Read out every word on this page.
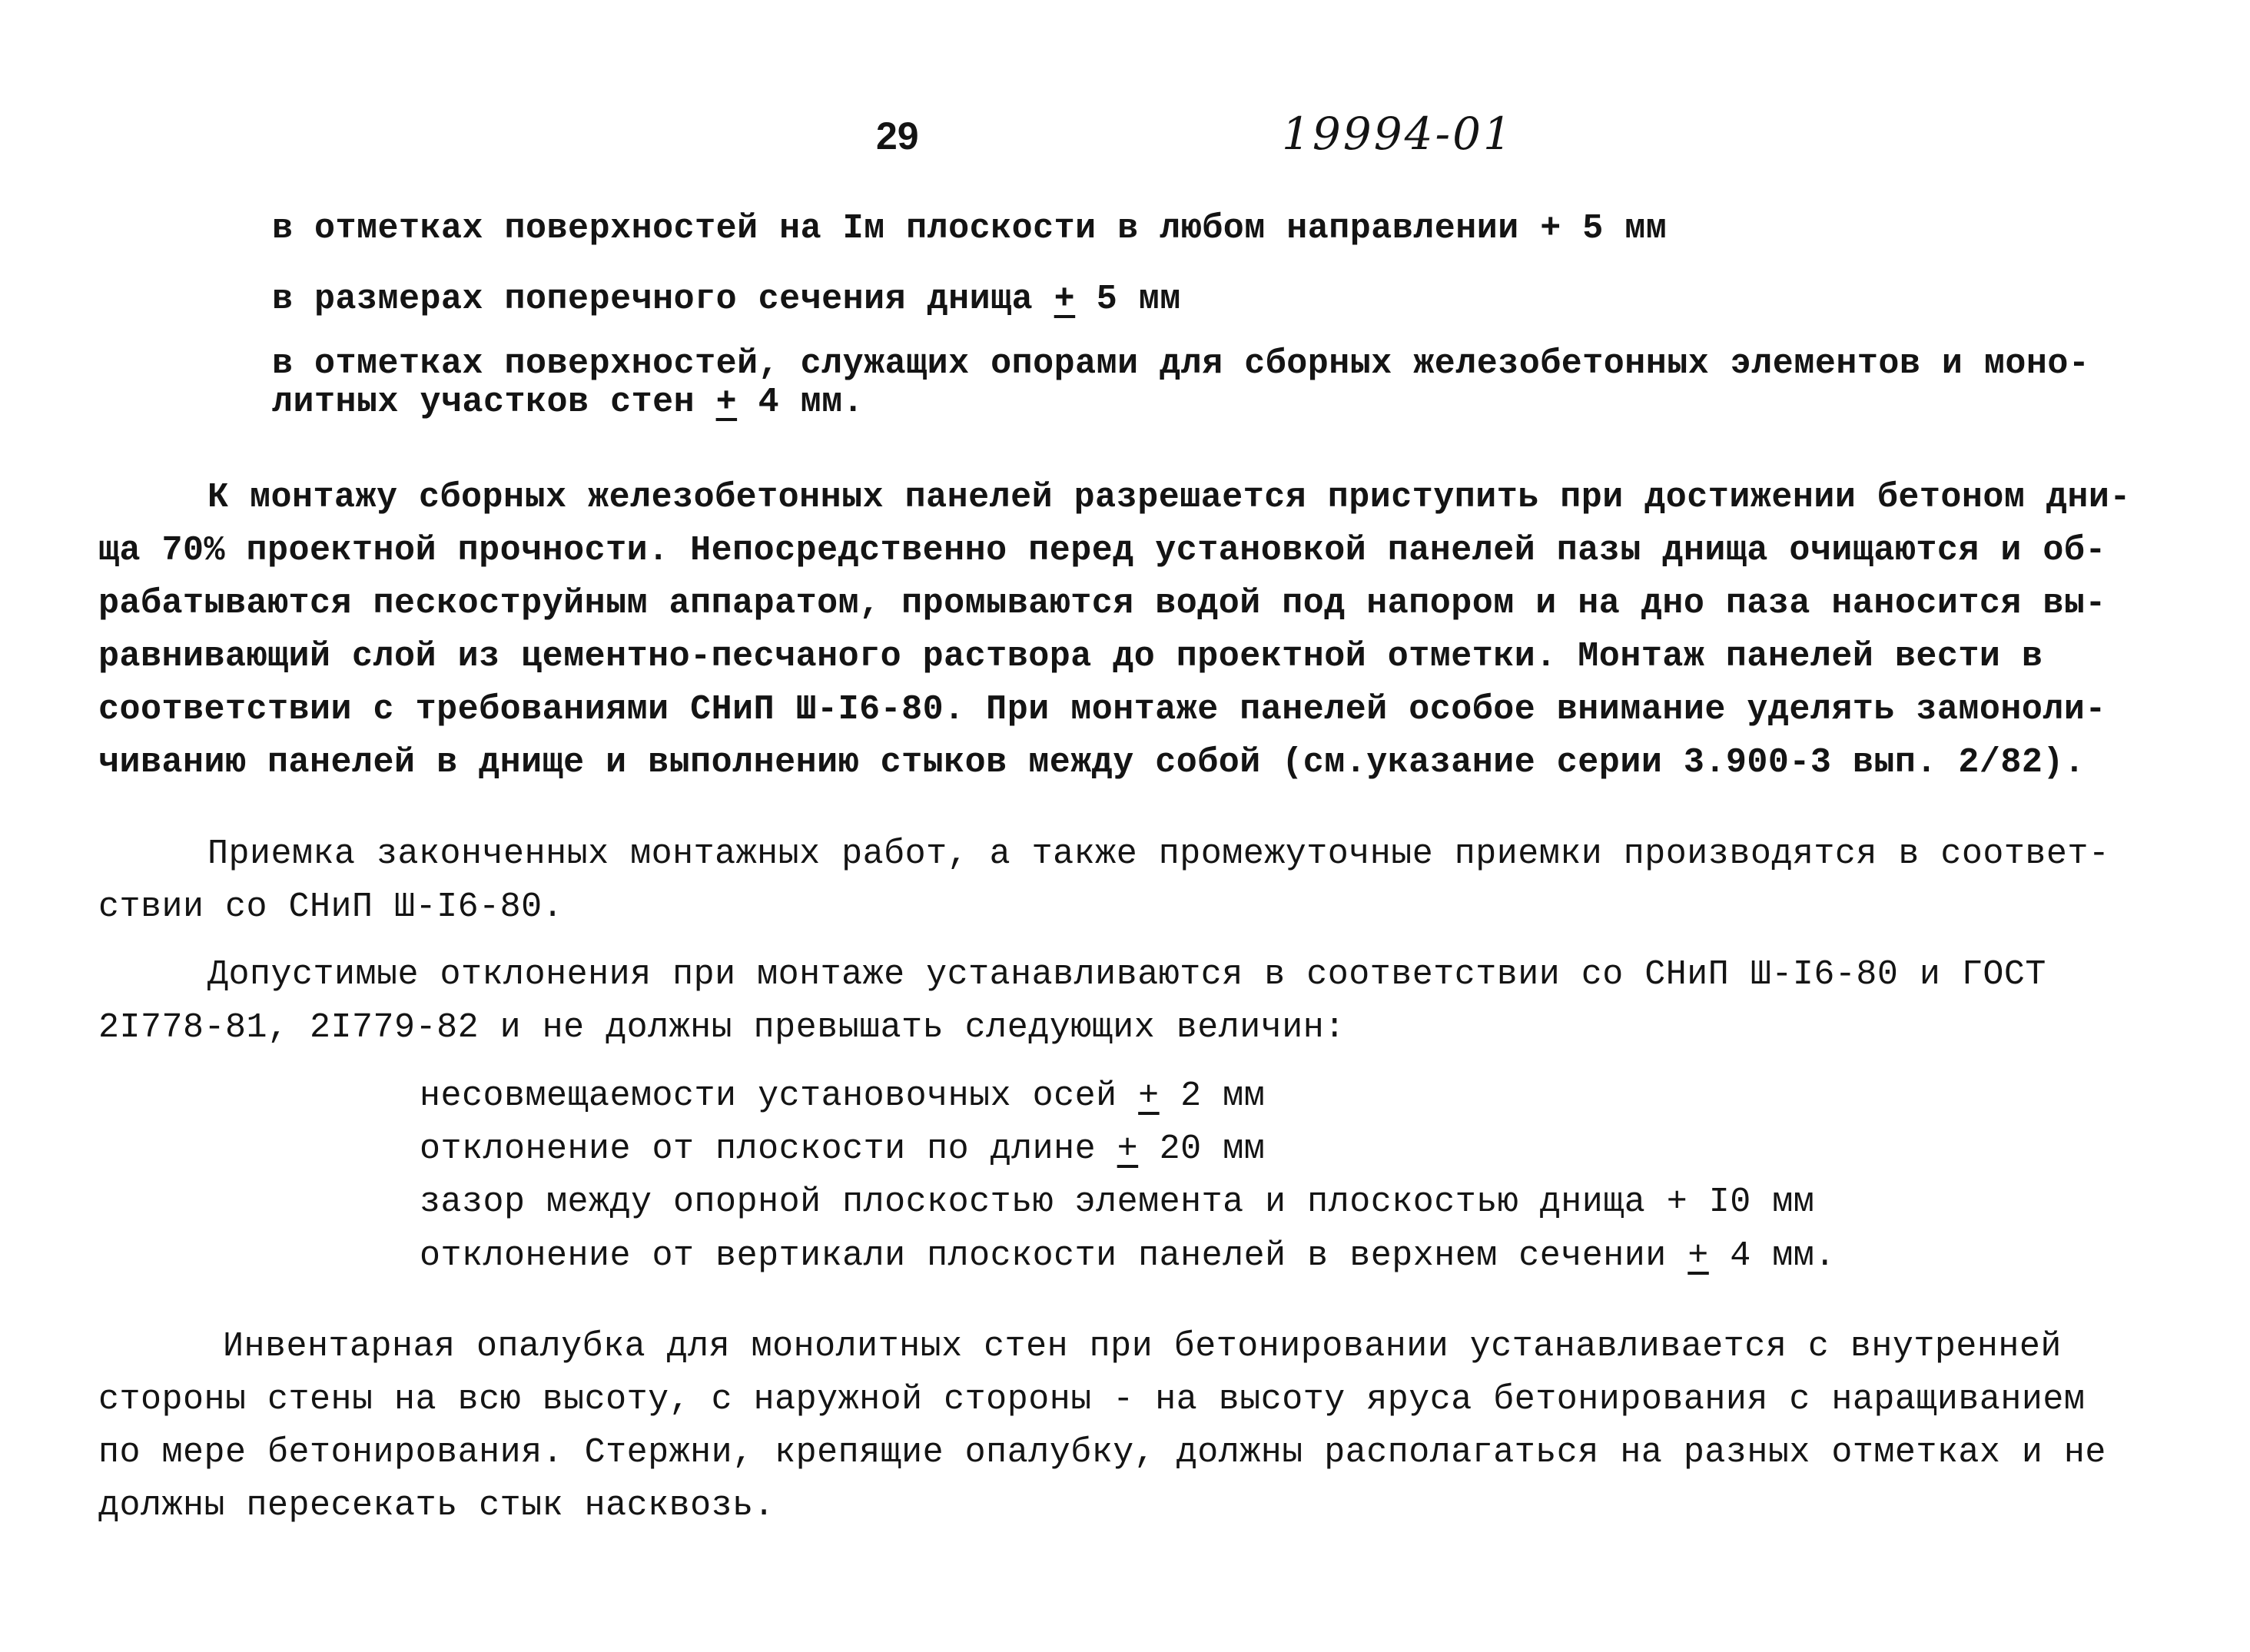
29	19994-01
в отметках поверхностей на Iм плоскости в любом направлении + 5 мм
в размерах поперечного сечения днища + 5 мм
в отметках поверхностей, служащих опорами для сборных железобетонных элементов и моно-
литных участков стен + 4 мм.
К монтажу сборных железобетонных панелей разрешается приступить при достижении бетоном дни-
ща 70% проектной прочности. Непосредственно перед установкой панелей пазы днища очищаются и об-
рабатываются пескоструйным аппаратом, промываются водой под напором и на дно паза наносится вы-
равнивающий слой из цементно-песчаного раствора до проектной отметки. Монтаж панелей вести в
соответствии с требованиями СНиП Ш-I6-80. При монтаже панелей особое внимание уделять замоноли-
чиванию панелей в днище и выполнению стыков между собой (см.указание серии 3.900-3 вып. 2/82).
Приемка законченных монтажных работ, а также промежуточные приемки производятся в соответ-
ствии со СНиП Ш-I6-80.
Допустимые отклонения при монтаже устанавливаются в соответствии со СНиП Ш-I6-80 и ГОСТ
2I778-81, 2I779-82 и не должны превышать следующих величин:
несовмещаемости установочных осей + 2 мм
отклонение от плоскости по длине + 20 мм
зазор между опорной плоскостью элемента и плоскостью днища + I0 мм
отклонение от вертикали плоскости панелей в верхнем сечении + 4 мм.
Инвентарная опалубка для монолитных стен при бетонировании устанавливается с внутренней
стороны стены на всю высоту, с наружной стороны - на высоту яруса бетонирования с наращиванием
по мере бетонирования. Стержни, крепящие опалубку, должны располагаться на разных отметках и не
должны пересекать стык насквозь.
